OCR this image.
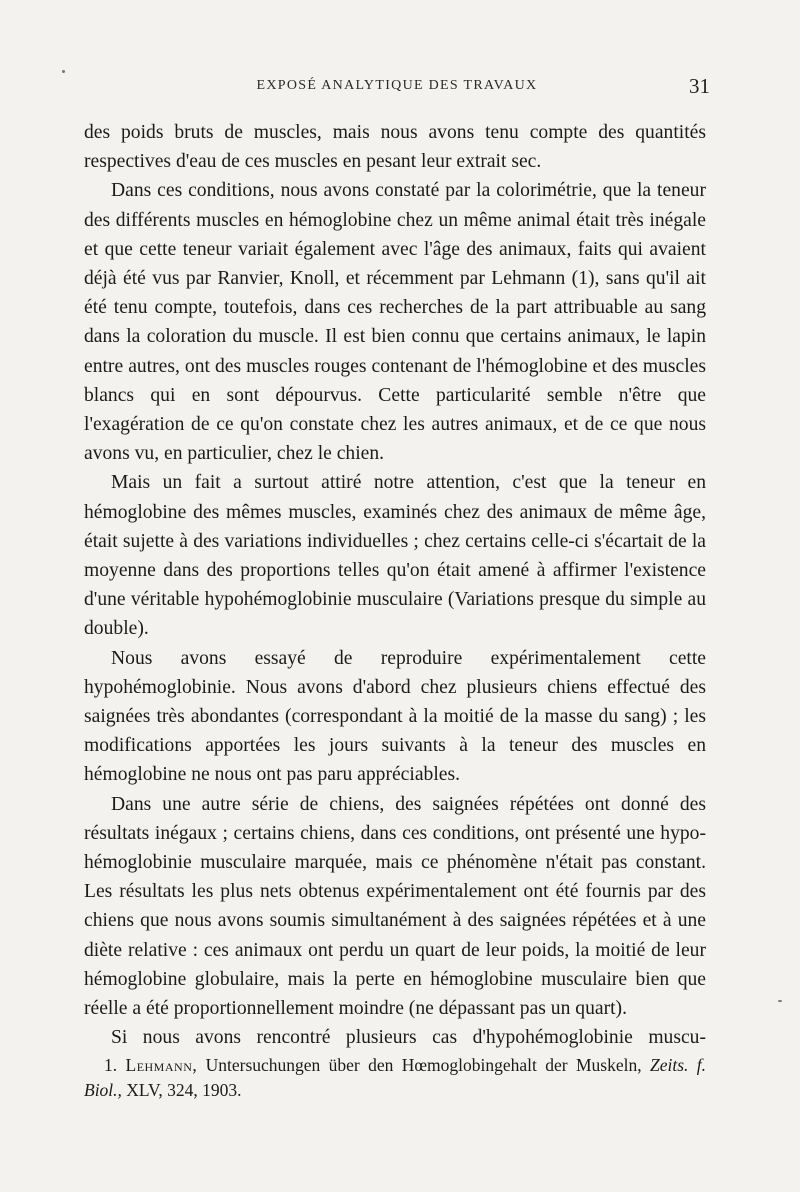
EXPOSÉ ANALYTIQUE DES TRAVAUX	31

des poids bruts de muscles, mais nous avons tenu compte des quantités respectives d'eau de ces muscles en pesant leur extrait sec.

Dans ces conditions, nous avons constaté par la colorimétrie, que la teneur des différents muscles en hémoglobine chez un même animal était très inégale et que cette teneur variait également avec l'âge des animaux, faits qui avaient déjà été vus par Ranvier, Knoll, et récemment par Lehmann (1), sans qu'il ait été tenu compte, toutefois, dans ces recherches de la part attribuable au sang dans la coloration du muscle. Il est bien connu que certains animaux, le lapin entre autres, ont des muscles rouges contenant de l'hémoglobine et des muscles blancs qui en sont dépourvus. Cette particularité semble n'être que l'exagération de ce qu'on constate chez les autres animaux, et de ce que nous avons vu, en particulier, chez le chien.

Mais un fait a surtout attiré notre attention, c'est que la teneur en hémoglobine des mêmes muscles, examinés chez des animaux de même âge, était sujette à des variations individuelles ; chez certains celle-ci s'écartait de la moyenne dans des proportions telles qu'on était amené à affirmer l'existence d'une véritable hypohémoglobinie musculaire (Variations presque du simple au double).

Nous avons essayé de reproduire expérimentalement cette hypohémoglobinie. Nous avons d'abord chez plusieurs chiens effectué des saignées très abondantes (correspondant à la moitié de la masse du sang) ; les modifications apportées les jours suivants à la teneur des muscles en hémoglobine ne nous ont pas paru appréciables.

Dans une autre série de chiens, des saignées répétées ont donné des résultats inégaux ; certains chiens, dans ces conditions, ont présenté une hypo-hémoglobinie musculaire marquée, mais ce phénomène n'était pas constant. Les résultats les plus nets obtenus expérimentalement ont été fournis par des chiens que nous avons soumis simultanément à des saignées répétées et à une diète relative : ces animaux ont perdu un quart de leur poids, la moitié de leur hémoglobine globulaire, mais la perte en hémoglobine musculaire bien que réelle a été proportionnellement moindre (ne dépassant pas un quart).

Si nous avons rencontré plusieurs cas d'hypohémoglobinie muscu-

1. Lehmann, Untersuchungen über den Hœmoglobingehalt der Muskeln, Zeits. f. Biol., XLV, 324, 1903.
